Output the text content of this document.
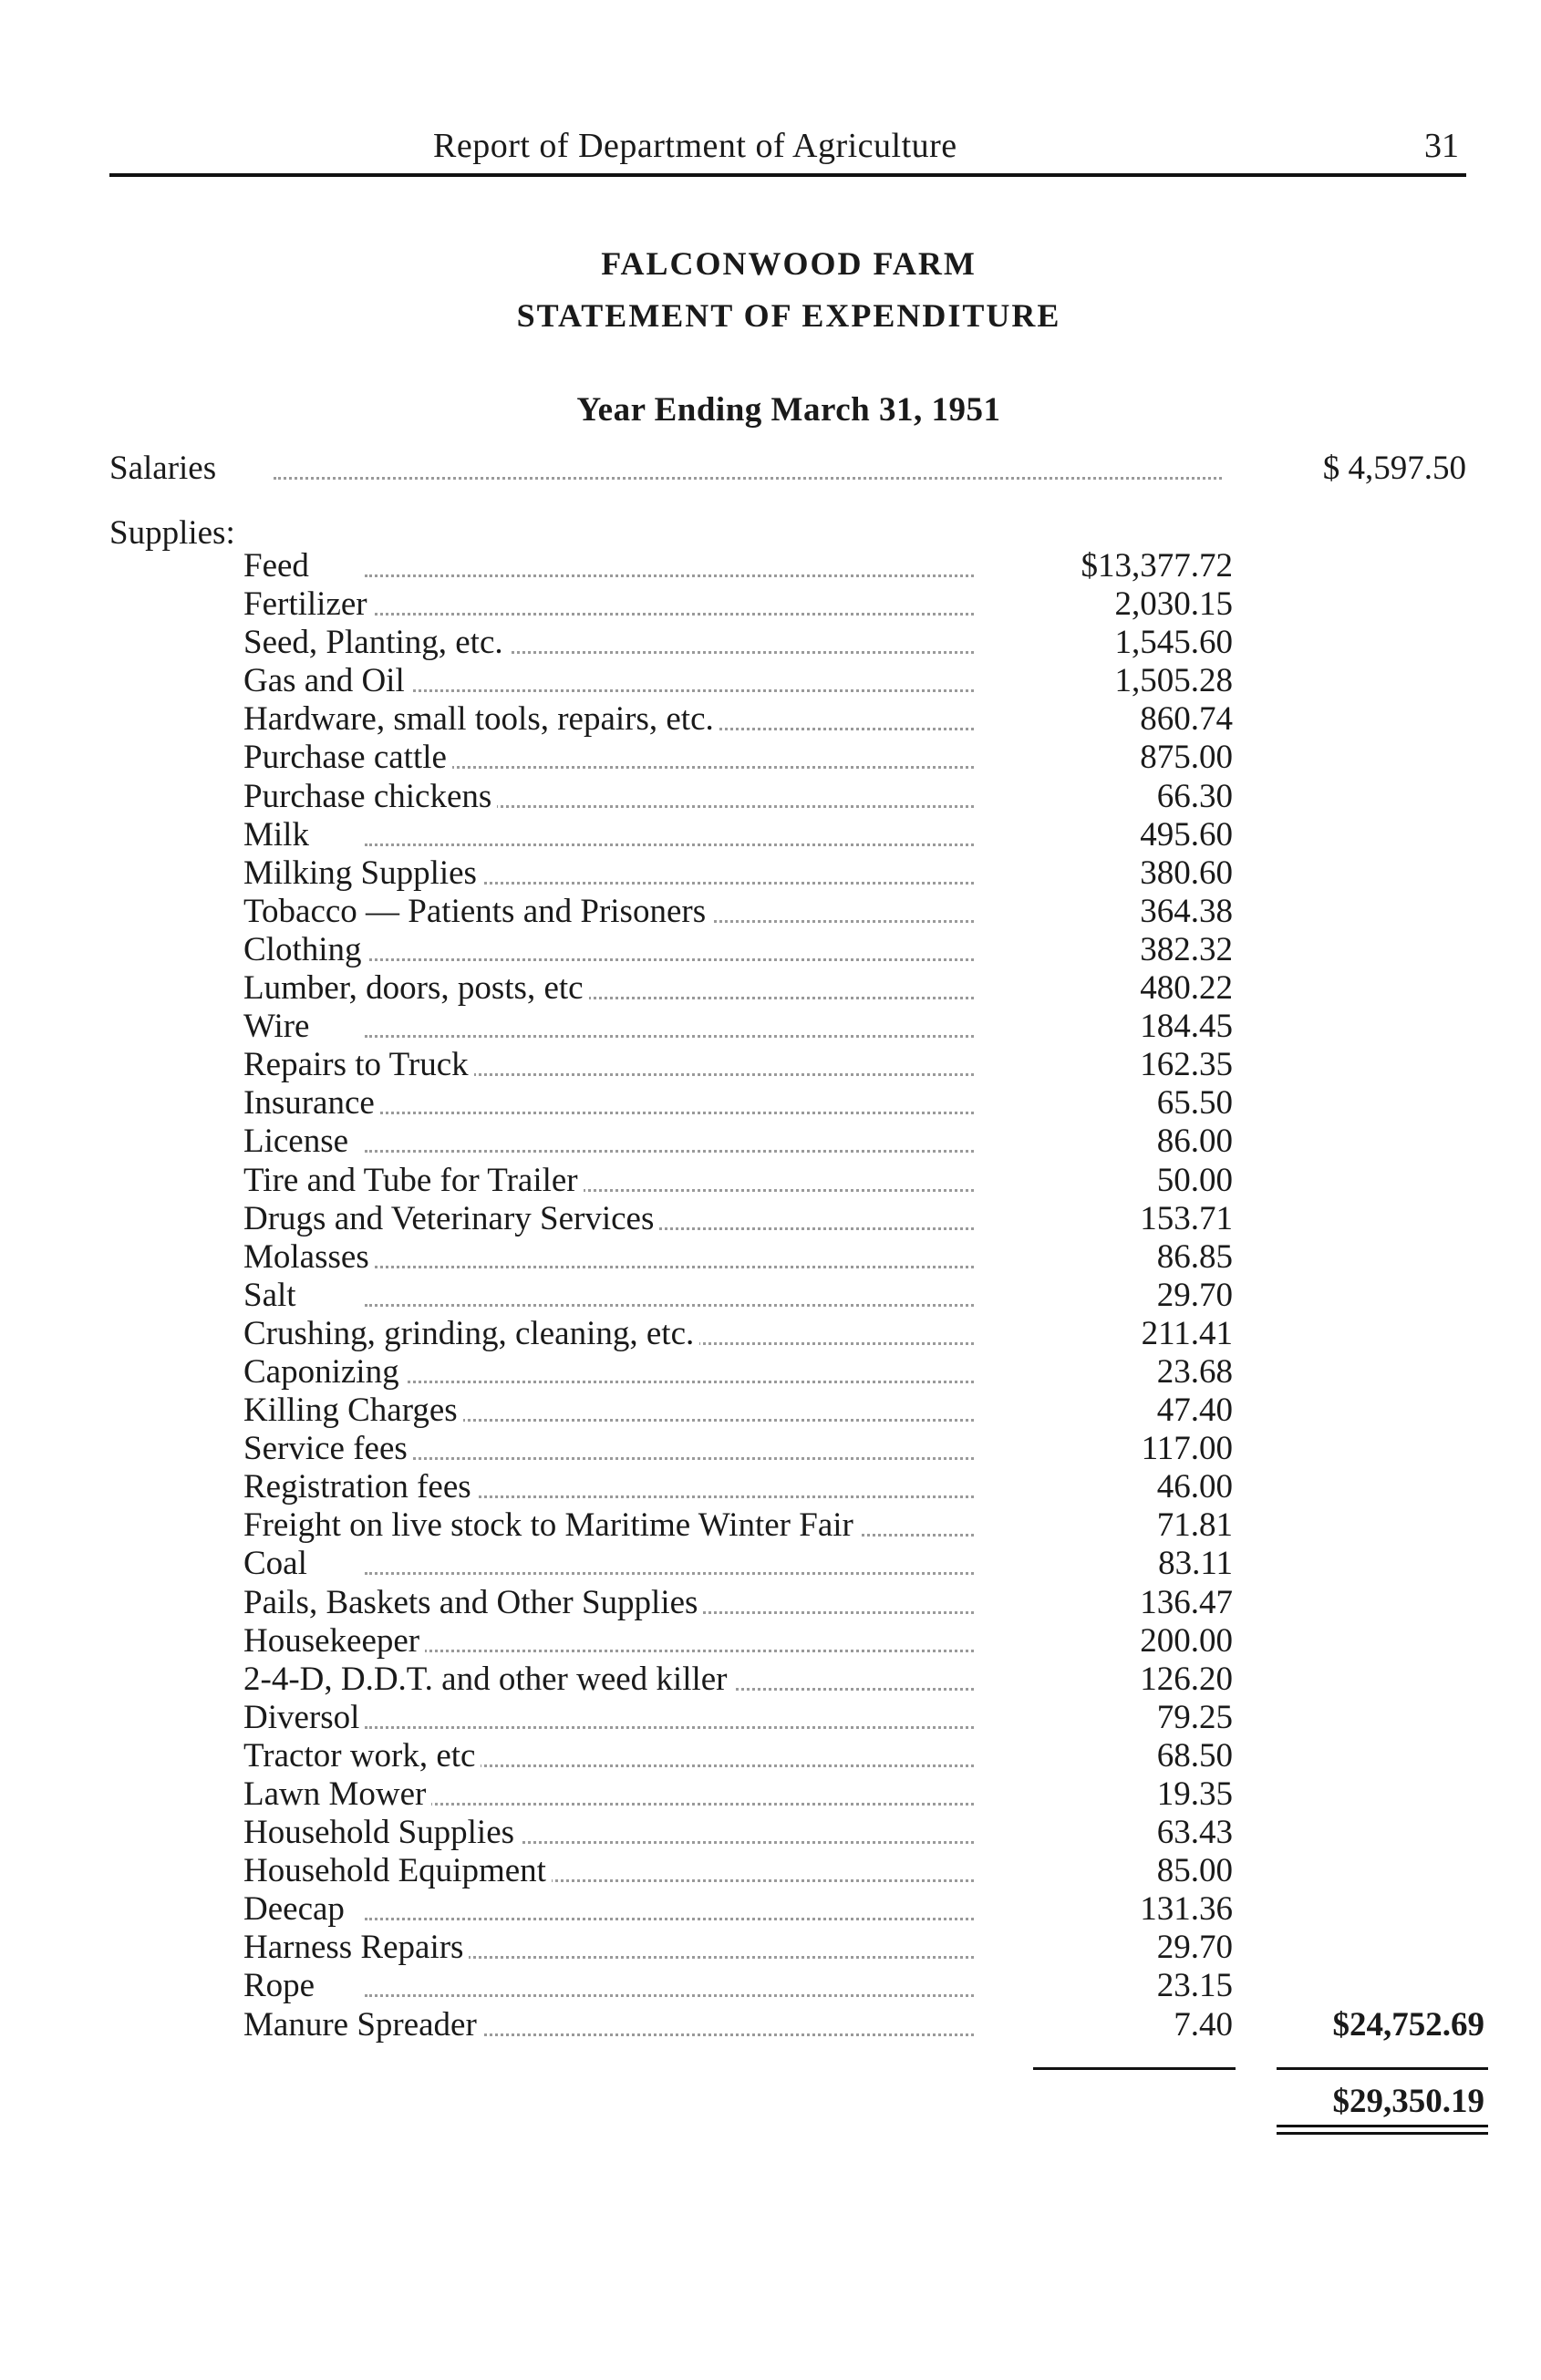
Report of Department of Agriculture	31
FALCONWOOD FARM
STATEMENT OF EXPENDITURE
Year Ending March 31, 1951
Salaries	$ 4,597.50
Supplies:
Feed	$13,377.72
Fertilizer	2,030.15
Seed, Planting, etc.	1,545.60
Gas and Oil	1,505.28
Hardware, small tools, repairs, etc.	860.74
Purchase cattle	875.00
Purchase chickens	66.30
Milk	495.60
Milking Supplies	380.60
Tobacco — Patients and Prisoners	364.38
Clothing	382.32
Lumber, doors, posts, etc	480.22
Wire	184.45
Repairs to Truck	162.35
Insurance	65.50
License	86.00
Tire and Tube for Trailer	50.00
Drugs and Veterinary Services	153.71
Molasses	86.85
Salt	29.70
Crushing, grinding, cleaning, etc.	211.41
Caponizing	23.68
Killing Charges	47.40
Service fees	117.00
Registration fees	46.00
Freight on live stock to Maritime Winter Fair	71.81
Coal	83.11
Pails, Baskets and Other Supplies	136.47
Housekeeper	200.00
2-4-D, D.D.T. and other weed killer	126.20
Diversol	79.25
Tractor work, etc	68.50
Lawn Mower	19.35
Household Supplies	63.43
Household Equipment	85.00
Deecap	131.36
Harness Repairs	29.70
Rope	23.15
Manure Spreader	7.40	$24,752.69
$29,350.19
